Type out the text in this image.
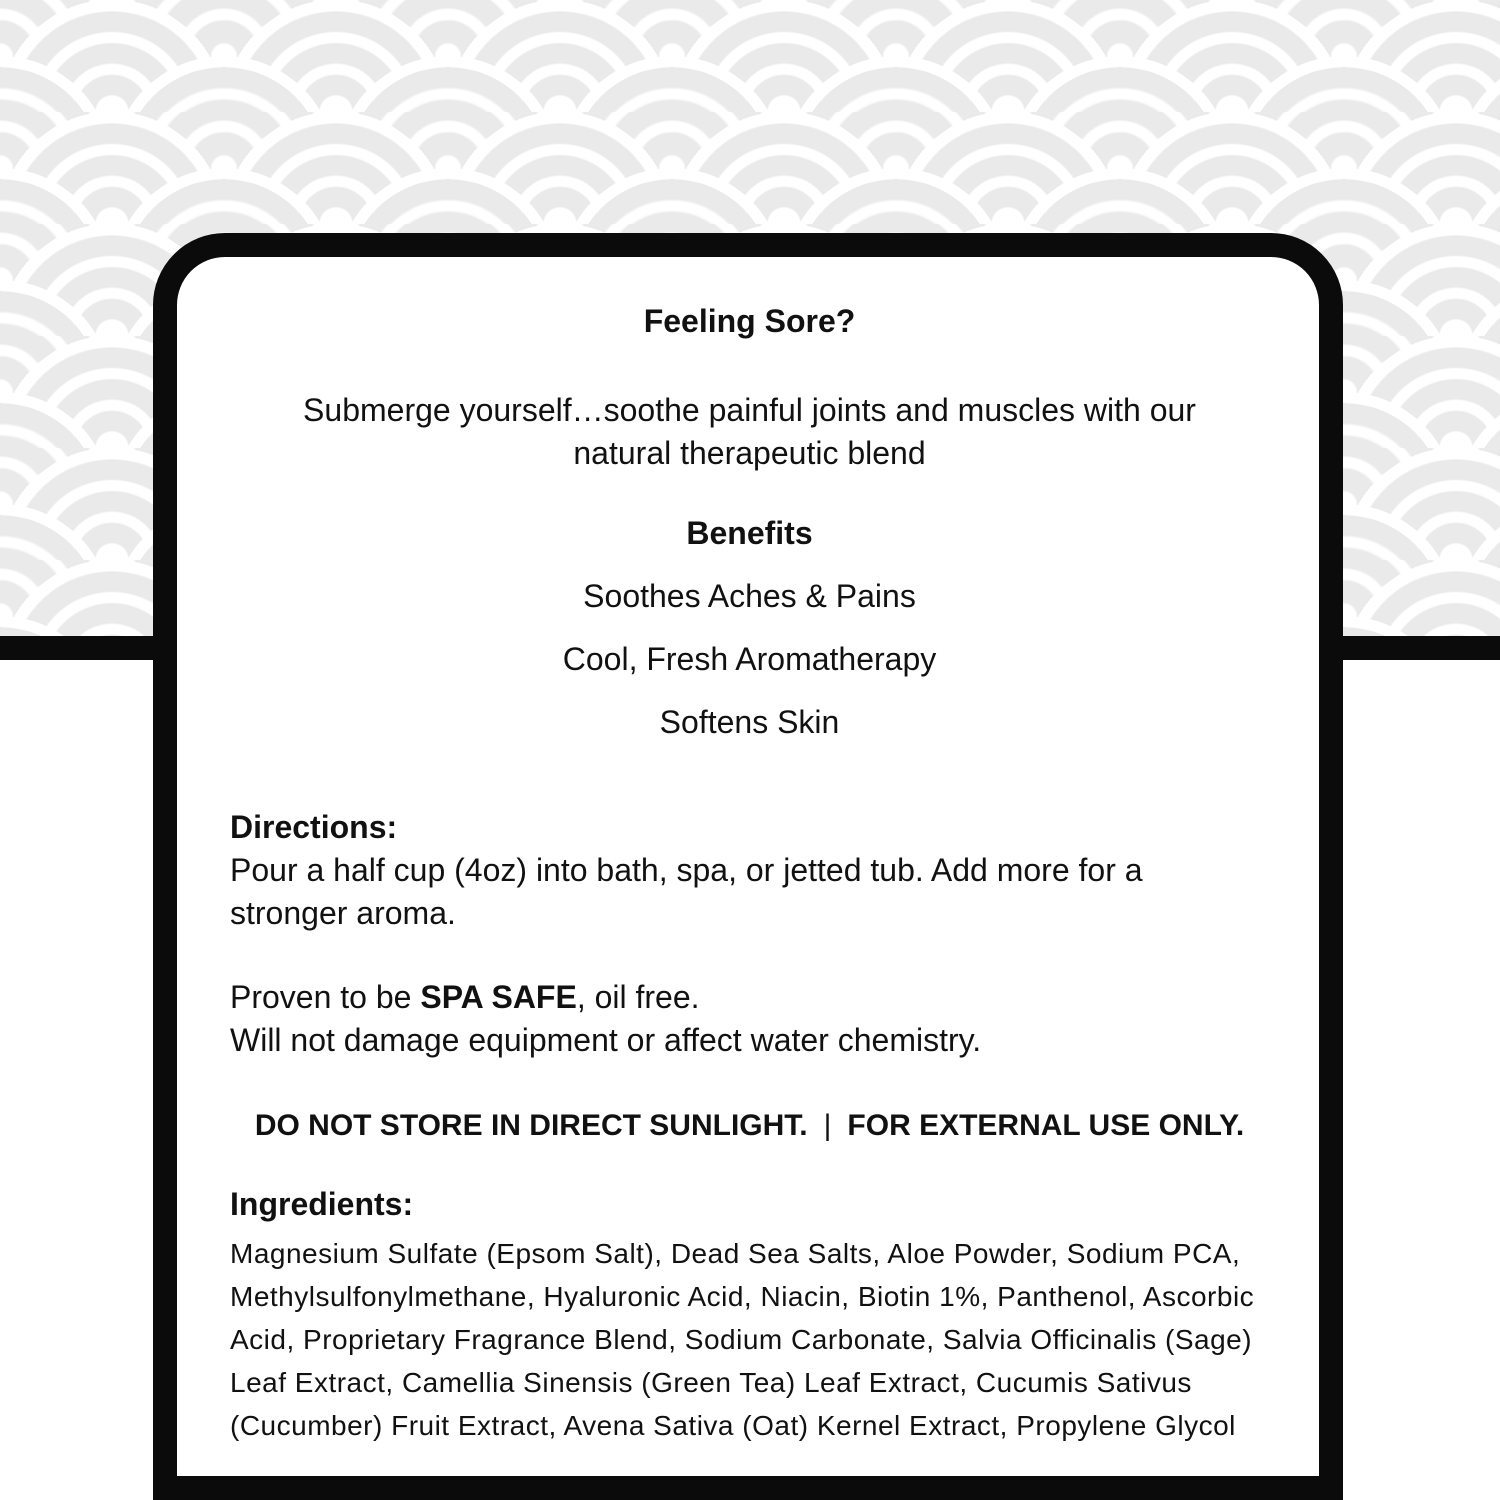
Feeling Sore?
Submerge yourself…soothe painful joints and muscles with our
natural therapeutic blend
Benefits
Soothes Aches & Pains
Cool, Fresh Aromatherapy
Softens Skin
Directions:
Pour a half cup (4oz) into bath, spa, or jetted tub. Add more for a
stronger aroma.
Proven to be SPA SAFE, oil free.
Will not damage equipment or affect water chemistry.
DO NOT STORE IN DIRECT SUNLIGHT. | FOR EXTERNAL USE ONLY.
Ingredients:
Magnesium Sulfate (Epsom Salt), Dead Sea Salts, Aloe Powder, Sodium PCA,
Methylsulfonylmethane, Hyaluronic Acid, Niacin, Biotin 1%, Panthenol, Ascorbic
Acid, Proprietary Fragrance Blend, Sodium Carbonate, Salvia Officinalis (Sage)
Leaf Extract, Camellia Sinensis (Green Tea) Leaf Extract, Cucumis Sativus
(Cucumber) Fruit Extract, Avena Sativa (Oat) Kernel Extract, Propylene Glycol
